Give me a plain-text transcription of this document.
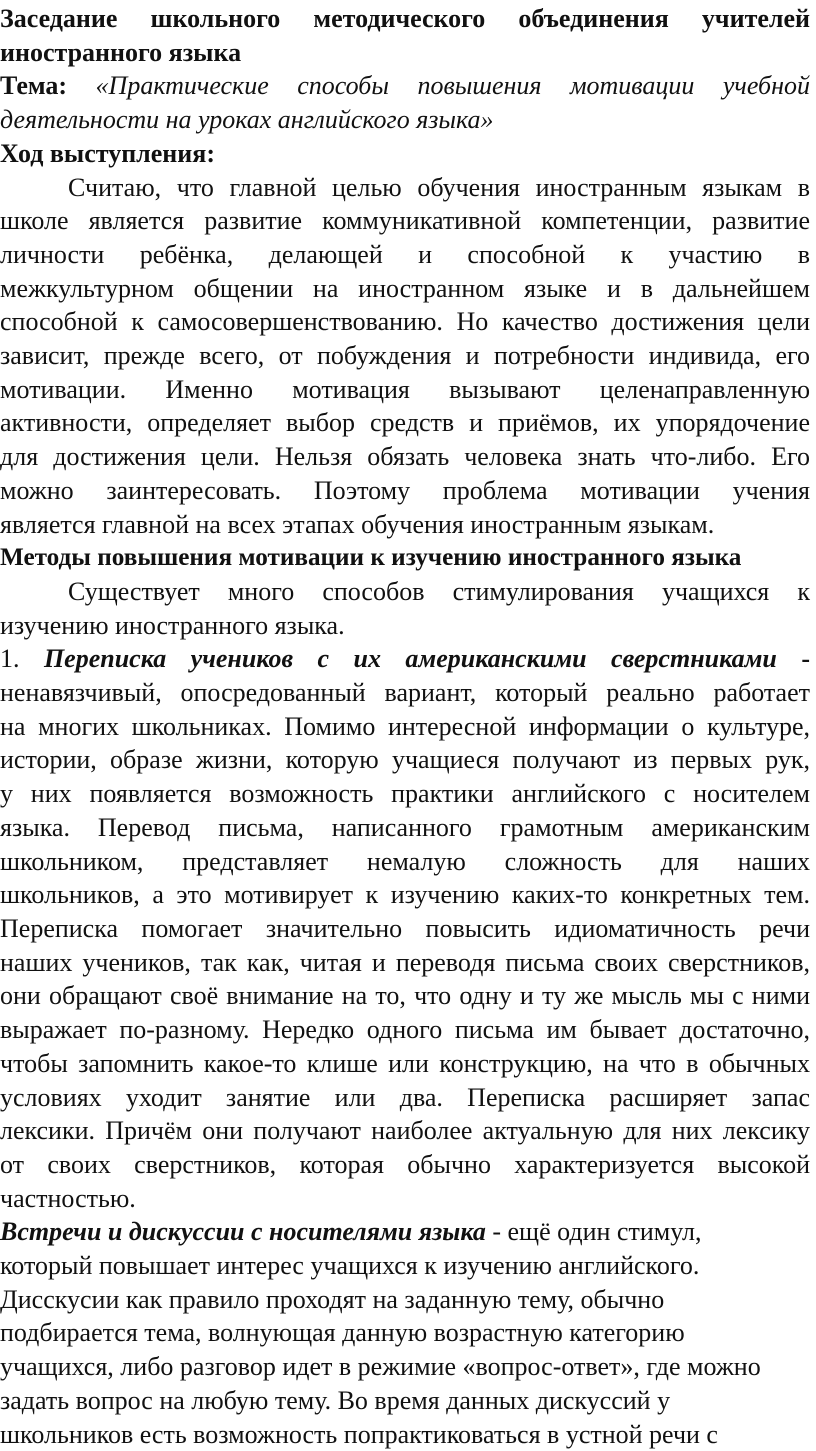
Заседание школьного методического объединения учителей
иностранного языка
Тема: «Практические способы повышения мотивации учебной
деятельности на уроках английского языка»
Ход выступления:
Считаю, что главной целью обучения иностранным языкам в
школе является развитие коммуникативной компетенции, развитие
личности ребёнка, делающей и способной к участию в
межкультурном общении на иностранном языке и в дальнейшем
способной к самосовершенствованию. Но качество достижения цели
зависит, прежде всего, от побуждения и потребности индивида, его
мотивации. Именно мотивация вызывают целенаправленную
активности, определяет выбор средств и приёмов, их упорядочение
для достижения цели. Нельзя обязать человека знать что-либо. Его
можно заинтересовать. Поэтому проблема мотивации учения
является главной на всех этапах обучения иностранным языкам.
Методы повышения мотивации к изучению иностранного языка
Существует много способов стимулирования учащихся к
изучению иностранного языка.
1. Переписка учеников с их американскими сверстниками -
ненавязчивый, опосредованный вариант, который реально работает
на многих школьниках. Помимо интересной информации о культуре,
истории, образе жизни, которую учащиеся получают из первых рук,
у них появляется возможность практики английского с носителем
языка. Перевод письма, написанного грамотным американским
школьником, представляет немалую сложность для наших
школьников, а это мотивирует к изучению каких-то конкретных тем.
Переписка помогает значительно повысить идиоматичность речи
наших учеников, так как, читая и переводя письма своих сверстников,
они обращают своё внимание на то, что одну и ту же мысль мы с ними
выражает по-разному. Нередко одного письма им бывает достаточно,
чтобы запомнить какое-то клише или конструкцию, на что в обычных
условиях уходит занятие или два. Переписка расширяет запас
лексики. Причём они получают наиболее актуальную для них лексику
от своих сверстников, которая обычно характеризуется высокой
частностью.
Встречи и дискуссии с носителями языка - ещё один стимул,
который повышает интерес учащихся к изучению английского.
Дисскусии как правило проходят на заданную тему, обычно
подбирается тема, волнующая данную возрастную категорию
учащихся, либо разговор идет в режимие «вопрос-ответ», где можно
задать вопрос на любую тему. Во время данных дискуссий у
школьников есть возможность попрактиковаться в устной речи с
